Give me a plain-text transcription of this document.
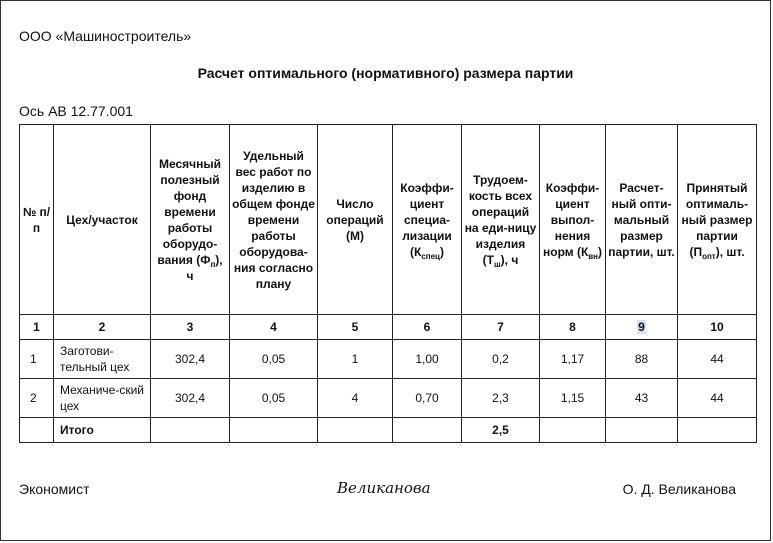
ООО «Машиностроитель»
Расчет оптимального (нормативного) размера партии
Ось АВ 12.77.001
№ п/п	Цех/участок	Месячный полезный фонд времени работы оборудо-вания $(Ф_п)$, ч	Удельный вес работ по изделию в общем фонде времени работы оборудова-ния согласно плану	Число операций (М)	Коэффи-циент специа-лизации $(К_{спец})$	Трудоем-кость всех операций на еди-ницу изделия $(Т_ш)$, ч	Коэффи-циент выпол-нения норм $(К_{вн})$	Расчет-ный опти-мальный размер партии, шт.	Принятый оптималь-ный размер партии $(П_{опт})$, шт.
1	2	3	4	5	6	7	8	9	10
1	Заготови-тельный цех	302,4	0,05	1	1,00	0,2	1,17	88	44
2	Механиче-ский цех	302,4	0,05	4	0,70	2,3	1,15	43	44
	Итого					2,5			
Экономист	Великанова	О. Д. Великанова
